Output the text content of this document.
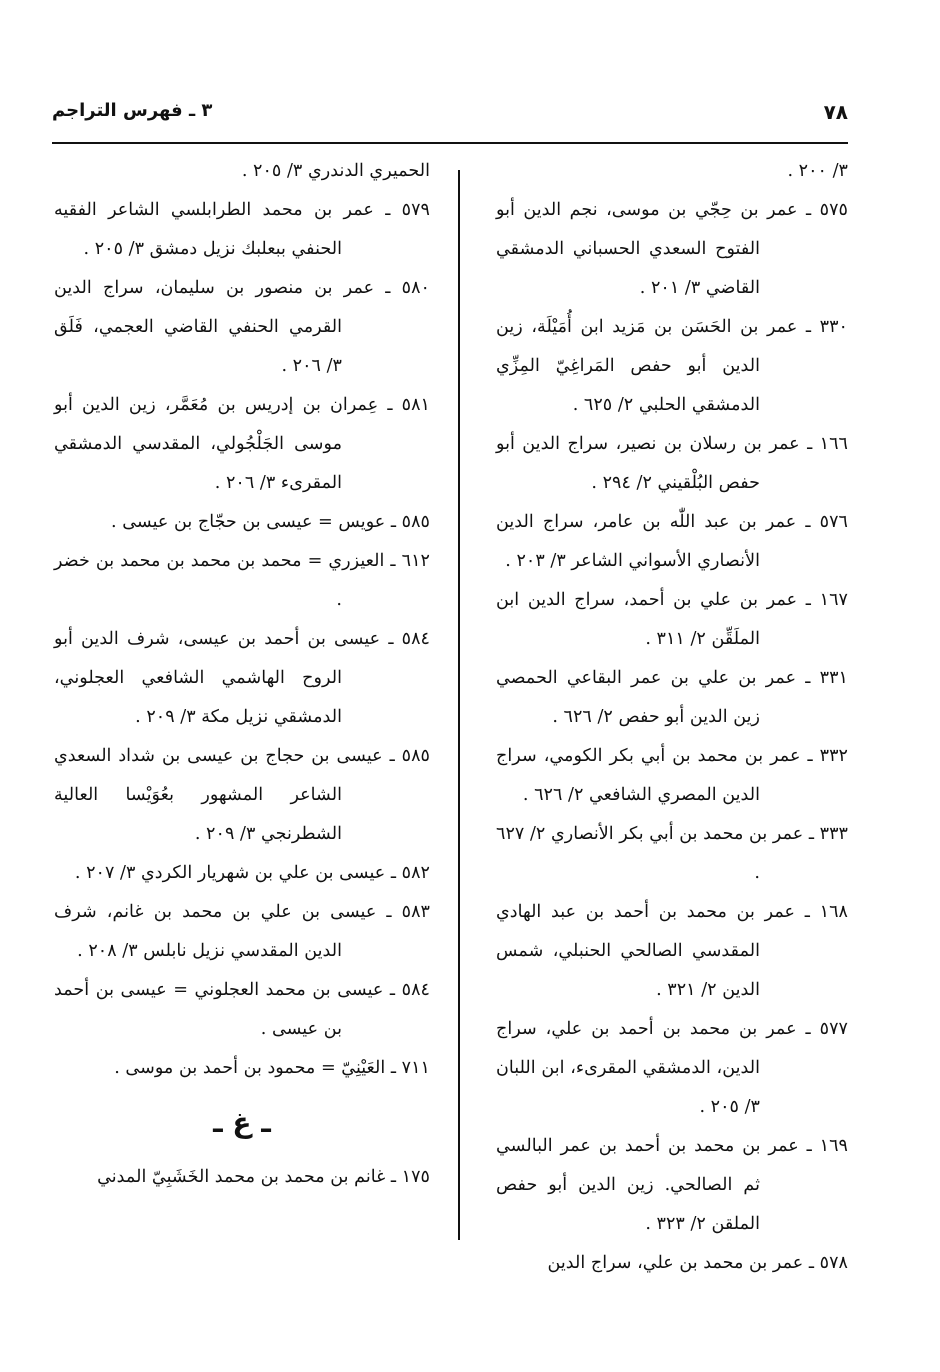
٧٨
٣ ـ فهرس التراجم
٣/ ٢٠٠ .
٥٧٥ ـ عمر بن حِجّي بن موسى، نجم الدين أبو الفتوح السعدي الحسباني الدمشقي القاضي ٣/ ٢٠١ .
٣٣٠ ـ عمر بن الحَسَن بن مَزيد ابن أُمَيْلَة، زين الدين أبو حفص المَراغِيّ المِزِّي الدمشقي الحلبي ٢/ ٦٢٥ .
١٦٦ ـ عمر بن رسلان بن نصير، سراج الدين أبو حفص البُلْقيني ٢/ ٢٩٤ .
٥٧٦ ـ عمر بن عبد اللّٰه بن عامر، سراج الدين الأنصاري الأسواني الشاعر ٣/ ٢٠٣ .
١٦٧ ـ عمر بن علي بن أحمد، سراج الدين ابن الملَقِّن ٢/ ٣١١ .
٣٣١ ـ عمر بن علي بن عمر البقاعي الحمصي زين الدين أبو حفص ٢/ ٦٢٦ .
٣٣٢ ـ عمر بن محمد بن أبي بكر الكومي، سراج الدين المصري الشافعي ٢/ ٦٢٦ .
٣٣٣ ـ عمر بن محمد بن أبي بكر الأنصاري ٢/ ٦٢٧ .
١٦٨ ـ عمر بن محمد بن أحمد بن عبد الهادي المقدسي الصالحي الحنبلي، شمس الدين ٢/ ٣٢١ .
٥٧٧ ـ عمر بن محمد بن أحمد بن علي، سراج الدين، الدمشقي المقرىء، ابن اللبان ٣/ ٢٠٥ .
١٦٩ ـ عمر بن محمد بن أحمد بن عمر البالسي ثم الصالحي. زين الدين أبو حفص الملقن ٢/ ٣٢٣ .
٥٧٨ ـ عمر بن محمد بن علي، سراج الدين
الحميري الدندري ٣/ ٢٠٥ .
٥٧٩ ـ عمر بن محمد الطرابلسي الشاعر الفقيه الحنفي ببعلبك نزيل دمشق ٣/ ٢٠٥ .
٥٨٠ ـ عمر بن منصور بن سليمان، سراج الدين القرمي الحنفي القاضي العجمي، فَلَق ٣/ ٢٠٦ .
٥٨١ ـ عِمران بن إدريس بن مُعَمَّر، زين الدين أبو موسى الجَلْجُولي، المقدسي الدمشقي المقرىء ٣/ ٢٠٦ .
٥٨٥ ـ عويس = عيسى بن حجّاج بن عيسى .
٦١٢ ـ العيزري = محمد بن محمد بن محمد بن خضر .
٥٨٤ ـ عيسى بن أحمد بن عيسى، شرف الدين أبو الروح الهاشمي الشافعي العجلوني، الدمشقي نزيل مكة ٣/ ٢٠٩ .
٥٨٥ ـ عيسى بن حجاج بن عيسى بن شداد السعدي الشاعر المشهور بعُوَيْسا العالية الشطرنجي ٣/ ٢٠٩ .
٥٨٢ ـ عيسى بن علي بن شهريار الكردي ٣/ ٢٠٧ .
٥٨٣ ـ عيسى بن علي بن محمد بن غانم، شرف الدين المقدسي نزيل نابلس ٣/ ٢٠٨ .
٥٨٤ ـ عيسى بن محمد العجلوني = عيسى بن أحمد بن عيسى .
٧١١ ـ العَيْنِيّ = محمود بن أحمد بن موسى .
ـ غ ـ
١٧٥ ـ غانم بن محمد بن محمد الخَشَبِيّ المدني
